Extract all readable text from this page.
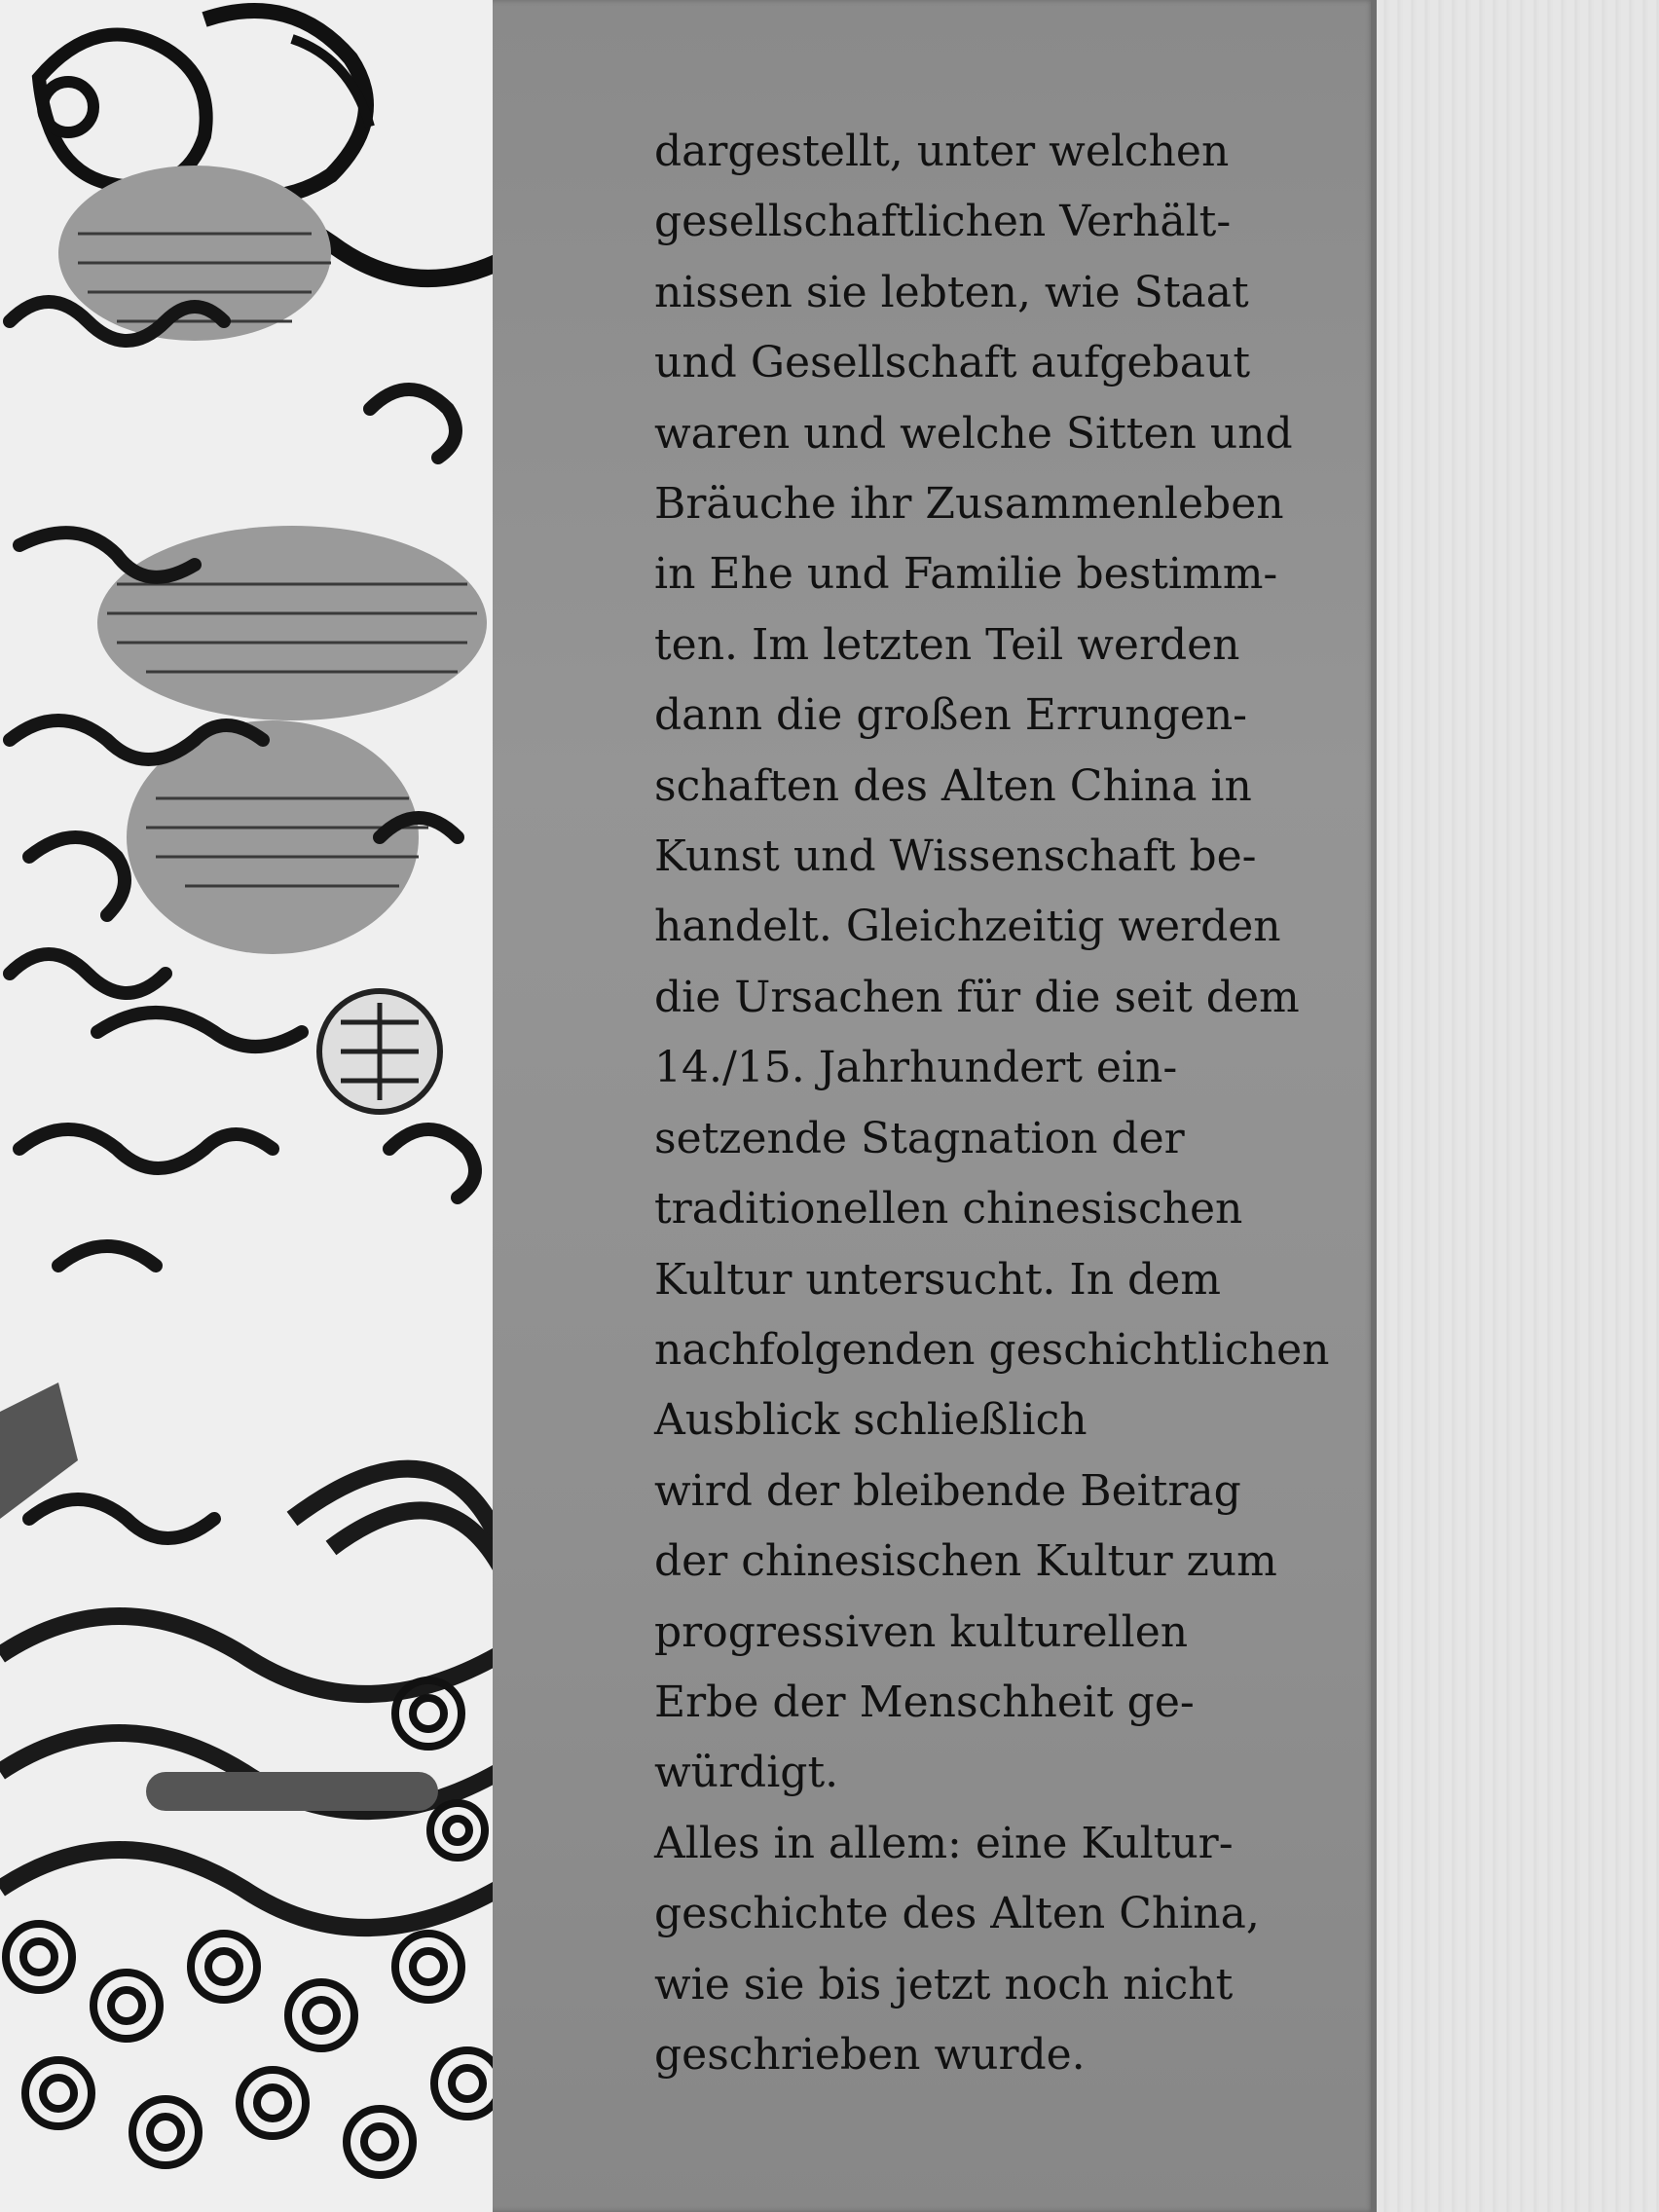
dargestellt, unter welchen
gesellschaftlichen Verhält-
nissen sie lebten, wie Staat
und Gesellschaft aufgebaut
waren und welche Sitten und
Bräuche ihr Zusammenleben
in Ehe und Familie bestimm-
ten. Im letzten Teil werden
dann die großen Errungen-
schaften des Alten China in
Kunst und Wissenschaft be-
handelt. Gleichzeitig werden
die Ursachen für die seit dem
14./15. Jahrhundert ein-
setzende Stagnation der
traditionellen chinesischen
Kultur untersucht. In dem
nachfolgenden geschichtlichen
Ausblick schließlich
wird der bleibende Beitrag
der chinesischen Kultur zum
progressiven kulturellen
Erbe der Menschheit ge-
würdigt.
Alles in allem: eine Kultur-
geschichte des Alten China,
wie sie bis jetzt noch nicht
geschrieben wurde.
